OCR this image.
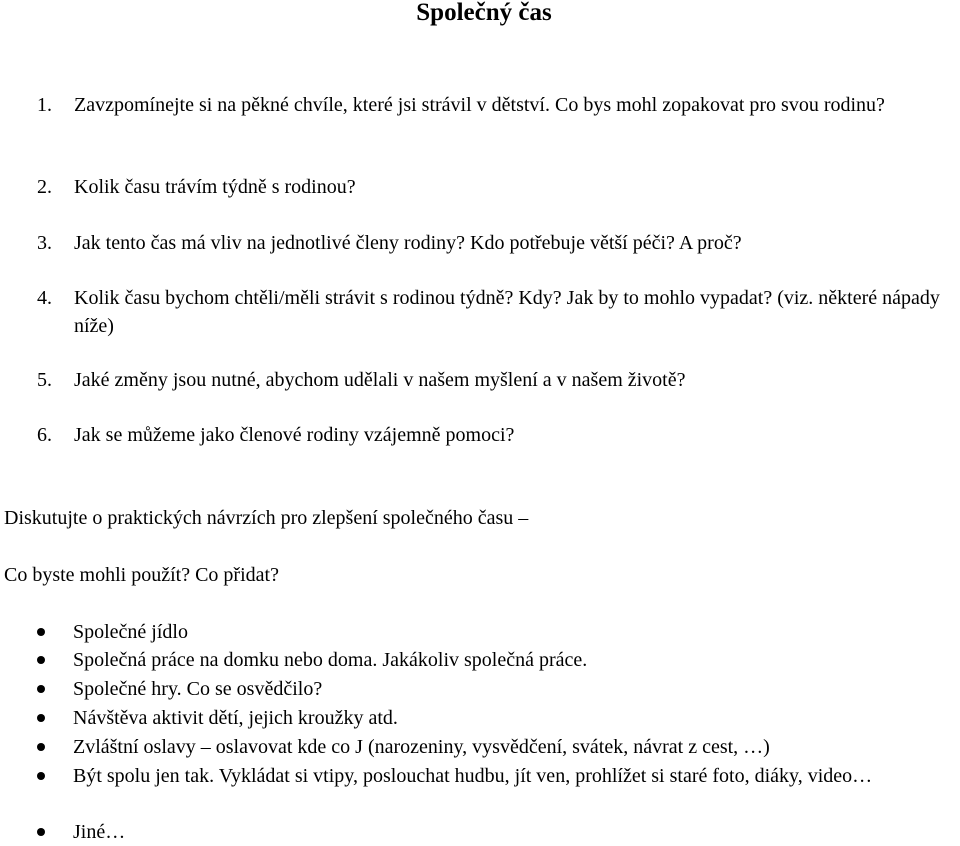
Společný čas
1. Zavzpomínejte si na pěkné chvíle, které jsi strávil v dětství. Co bys mohl zopakovat pro svou rodinu?
2. Kolik času trávím týdně s rodinou?
3. Jak tento čas má vliv na jednotlivé členy rodiny? Kdo potřebuje větší péči? A proč?
4. Kolik času bychom chtěli/měli strávit s rodinou týdně? Kdy? Jak by to mohlo vypadat? (viz. některé nápady níže)
5. Jaké změny jsou nutné, abychom udělali v našem myšlení a v našem životě?
6. Jak se můžeme jako členové rodiny vzájemně pomoci?
Diskutujte o praktických návrzích pro zlepšení společného času –
Co byste mohli použít? Co přidat?
Společné jídlo
Společná práce na domku nebo doma. Jakákoliv společná práce.
Společné hry. Co se osvědčilo?
Návštěva aktivit dětí, jejich kroužky atd.
Zvláštní oslavy – oslavovat kde co J (narozeniny, vysvědčení, svátek, návrat z cest, …)
Být spolu jen tak. Vykládat si vtipy, poslouchat hudbu, jít ven, prohlížet si staré foto, diáky, video…
Jiné…
